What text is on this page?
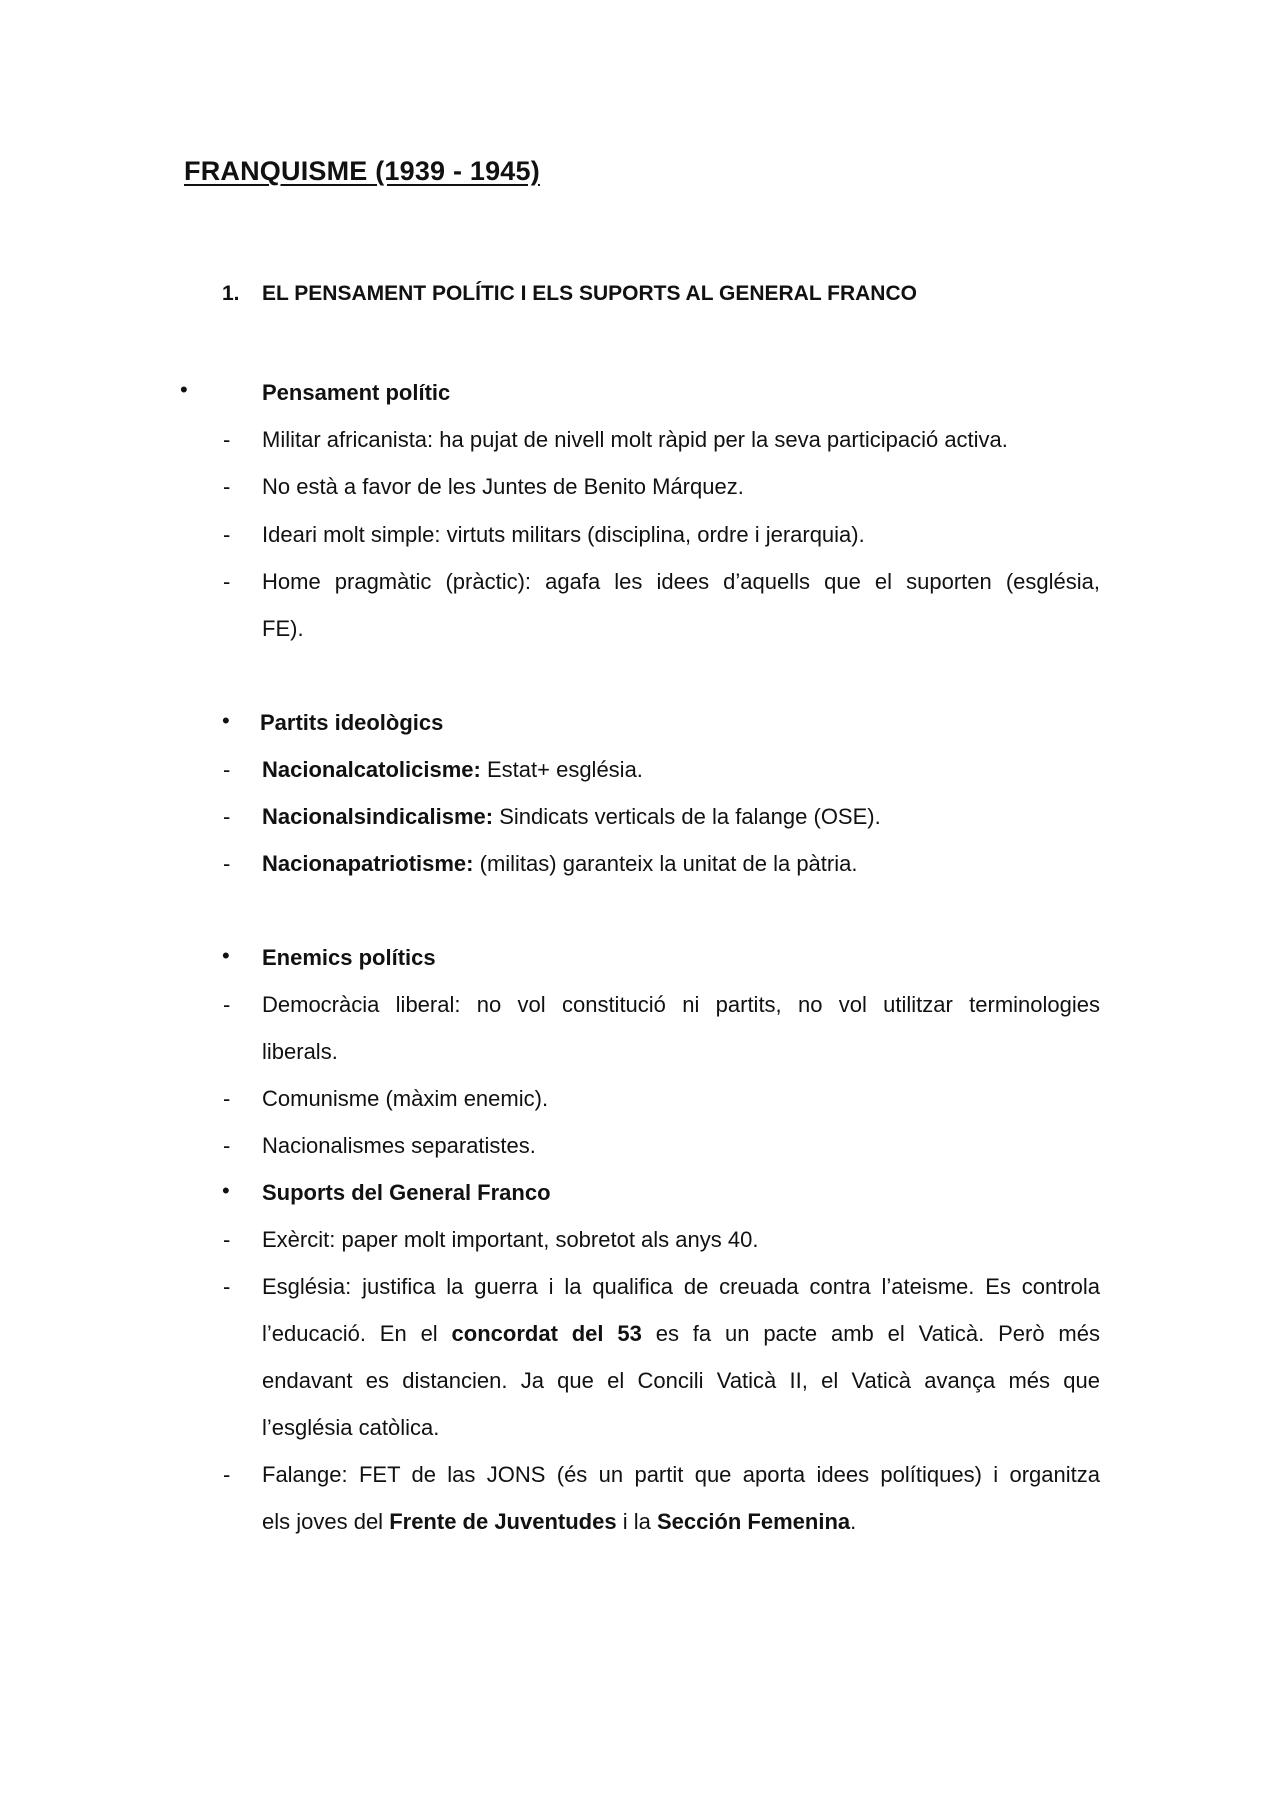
FRANQUISME (1939 - 1945)
1. EL PENSAMENT POLÍTIC I ELS SUPORTS AL GENERAL FRANCO
•	Pensament polític
- Militar africanista: ha pujat de nivell molt ràpid per la seva participació activa.
- No està a favor de les Juntes de Benito Márquez.
- Ideari molt simple: virtuts militars (disciplina, ordre i jerarquia).
- Home pragmàtic (pràctic): agafa les idees d’aquells que el suporten (església,
FE).
• Partits ideològics
- Nacionalcatolicisme: Estat+ església.
- Nacionalsindicalisme: Sindicats verticals de la falange (OSE).
- Nacionapatriotisme: (militas) garanteix la unitat de la pàtria.
• Enemics polítics
- Democràcia liberal: no vol constitució ni partits, no vol utilitzar terminologies
liberals.
- Comunisme (màxim enemic).
- Nacionalismes separatistes.
• Suports del General Franco
- Exèrcit: paper molt important, sobretot als anys 40.
- Església: justifica la guerra i la qualifica de creuada contra l’ateisme. Es controla
l’educació. En el concordat del 53 es fa un pacte amb el Vaticà. Però més
endavant es distancien. Ja que el Concili Vaticà II, el Vaticà avança més que
l’església catòlica.
- Falange: FET de las JONS (és un partit que aporta idees polítiques) i organitza
els joves del Frente de Juventudes i la Sección Femenina.
